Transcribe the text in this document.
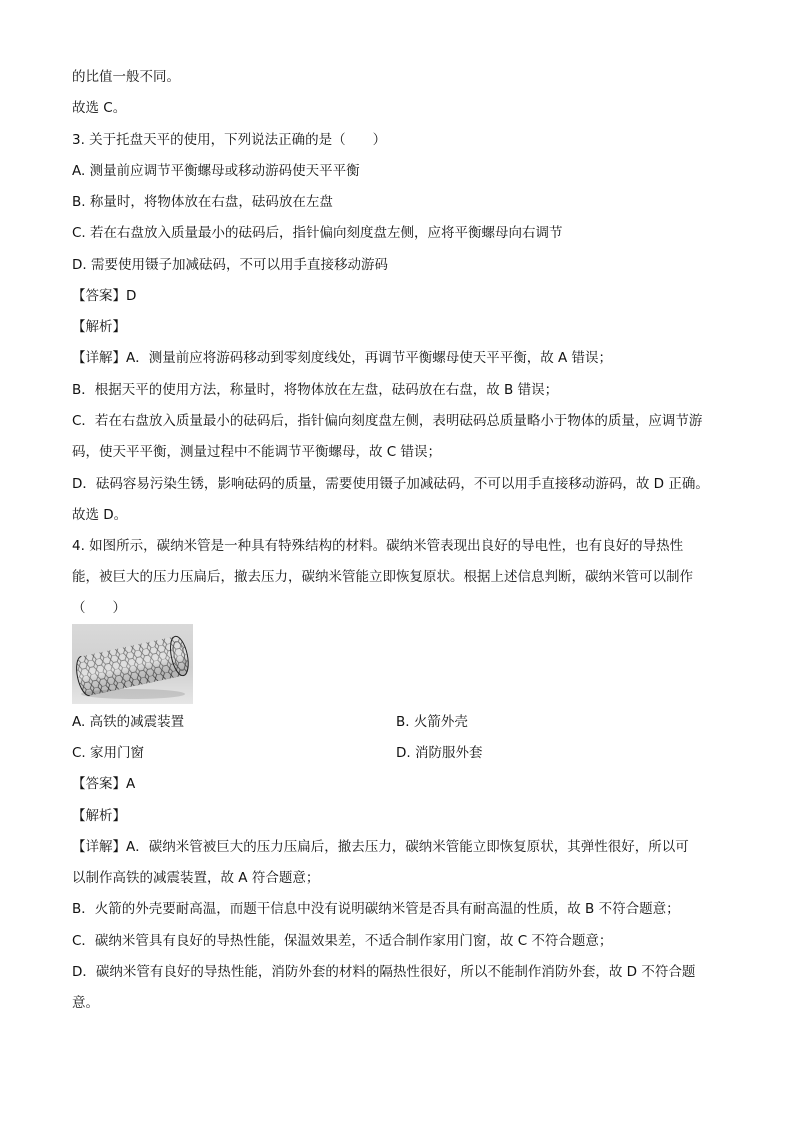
的比值一般不同。
故选 C。
3. 关于托盘天平的使用，下列说法正确的是（　　）
A. 测量前应调节平衡螺母或移动游码使天平平衡
B. 称量时，将物体放在右盘，砝码放在左盘
C. 若在右盘放入质量最小的砝码后，指针偏向刻度盘左侧，应将平衡螺母向右调节
D. 需要使用镊子加减砝码，不可以用手直接移动游码
【答案】D
【解析】
【详解】A．测量前应将游码移动到零刻度线处，再调节平衡螺母使天平平衡，故 A 错误；
B．根据天平的使用方法，称量时，将物体放在左盘，砝码放在右盘，故 B 错误；
C．若在右盘放入质量最小的砝码后，指针偏向刻度盘左侧，表明砝码总质量略小于物体的质量，应调节游
码，使天平平衡，测量过程中不能调节平衡螺母，故 C 错误；
D．砝码容易污染生锈，影响砝码的质量，需要使用镊子加减砝码，不可以用手直接移动游码，故 D 正确。
故选 D。
4. 如图所示，碳纳米管是一种具有特殊结构的材料。碳纳米管表现出良好的导电性，也有良好的导热性
能，被巨大的压力压扁后，撤去压力，碳纳米管能立即恢复原状。根据上述信息判断，碳纳米管可以制作
（　　）
A. 高铁的减震装置	B. 火箭外壳
C. 家用门窗	D. 消防服外套
【答案】A
【解析】
【详解】A．碳纳米管被巨大的压力压扁后，撤去压力，碳纳米管能立即恢复原状，其弹性很好，所以可
以制作高铁的减震装置，故 A 符合题意；
B．火箭的外壳要耐高温，而题干信息中没有说明碳纳米管是否具有耐高温的性质，故 B 不符合题意；
C．碳纳米管具有良好的导热性能，保温效果差，不适合制作家用门窗，故 C 不符合题意；
D．碳纳米管有良好的导热性能，消防外套的材料的隔热性很好，所以不能制作消防外套，故 D 不符合题
意。
